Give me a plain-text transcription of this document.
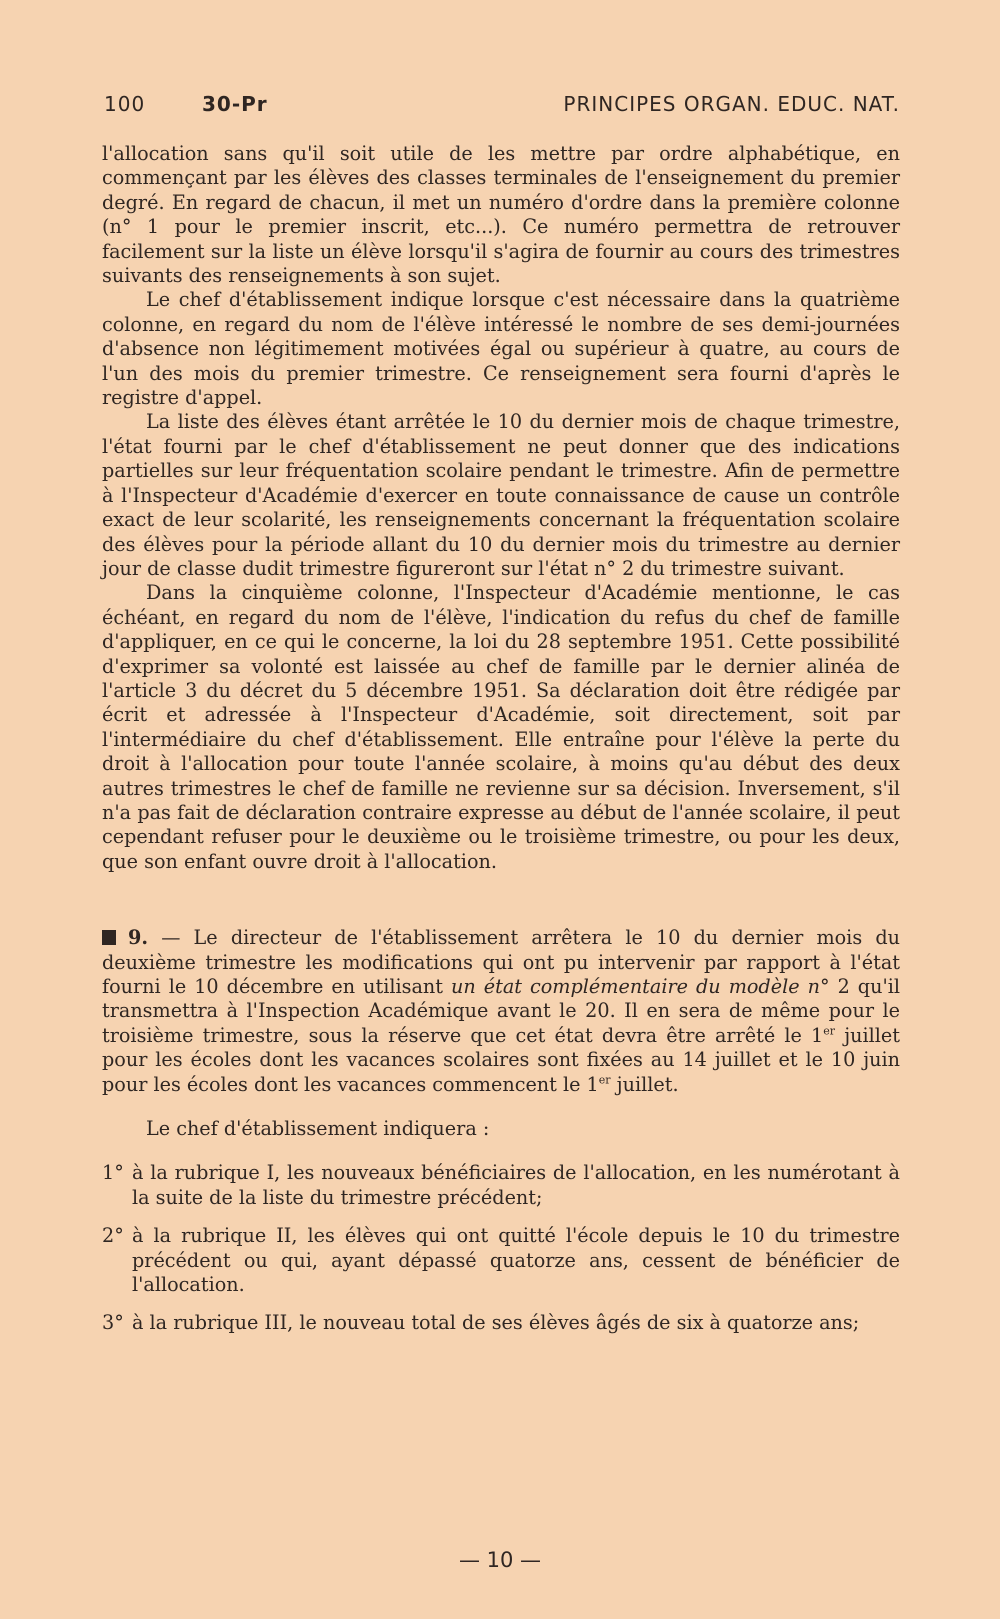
100	30-Pr	PRINCIPES ORGAN. EDUC. NAT.

l'allocation sans qu'il soit utile de les mettre par ordre alphabétique, en commençant par les élèves des classes terminales de l'enseignement du premier degré. En regard de chacun, il met un numéro d'ordre dans la première colonne (n° 1 pour le premier inscrit, etc...). Ce numéro permettra de retrouver facilement sur la liste un élève lorsqu'il s'agira de fournir au cours des trimestres suivants des renseignements à son sujet.

Le chef d'établissement indique lorsque c'est nécessaire dans la quatrième colonne, en regard du nom de l'élève intéressé le nombre de ses demi-journées d'absence non légitimement motivées égal ou supérieur à quatre, au cours de l'un des mois du premier trimestre. Ce renseignement sera fourni d'après le registre d'appel.

La liste des élèves étant arrêtée le 10 du dernier mois de chaque trimestre, l'état fourni par le chef d'établissement ne peut donner que des indications partielles sur leur fréquentation scolaire pendant le trimestre. Afin de permettre à l'Inspecteur d'Académie d'exercer en toute connaissance de cause un contrôle exact de leur scolarité, les renseignements concernant la fréquentation scolaire des élèves pour la période allant du 10 du dernier mois du trimestre au dernier jour de classe dudit trimestre figureront sur l'état n° 2 du trimestre suivant.

Dans la cinquième colonne, l'Inspecteur d'Académie mentionne, le cas échéant, en regard du nom de l'élève, l'indication du refus du chef de famille d'appliquer, en ce qui le concerne, la loi du 28 septembre 1951. Cette possibilité d'exprimer sa volonté est laissée au chef de famille par le dernier alinéa de l'article 3 du décret du 5 décembre 1951. Sa déclaration doit être rédigée par écrit et adressée à l'Inspecteur d'Académie, soit directement, soit par l'intermédiaire du chef d'établissement. Elle entraîne pour l'élève la perte du droit à l'allocation pour toute l'année scolaire, à moins qu'au début des deux autres trimestres le chef de famille ne revienne sur sa décision. Inversement, s'il n'a pas fait de déclaration contraire expresse au début de l'année scolaire, il peut cependant refuser pour le deuxième ou le troisième trimestre, ou pour les deux, que son enfant ouvre droit à l'allocation.

9. — Le directeur de l'établissement arrêtera le 10 du dernier mois du deuxième trimestre les modifications qui ont pu intervenir par rapport à l'état fourni le 10 décembre en utilisant un état complémentaire du modèle n° 2 qu'il transmettra à l'Inspection Académique avant le 20. Il en sera de même pour le troisième trimestre, sous la réserve que cet état devra être arrêté le 1er juillet pour les écoles dont les vacances scolaires sont fixées au 14 juillet et le 10 juin pour les écoles dont les vacances commencent le 1er juillet.

Le chef d'établissement indiquera :

1° à la rubrique I, les nouveaux bénéficiaires de l'allocation, en les numérotant à la suite de la liste du trimestre précédent;
2° à la rubrique II, les élèves qui ont quitté l'école depuis le 10 du trimestre précédent ou qui, ayant dépassé quatorze ans, cessent de bénéficier de l'allocation.
3° à la rubrique III, le nouveau total de ses élèves âgés de six à quatorze ans;
— 10 —
